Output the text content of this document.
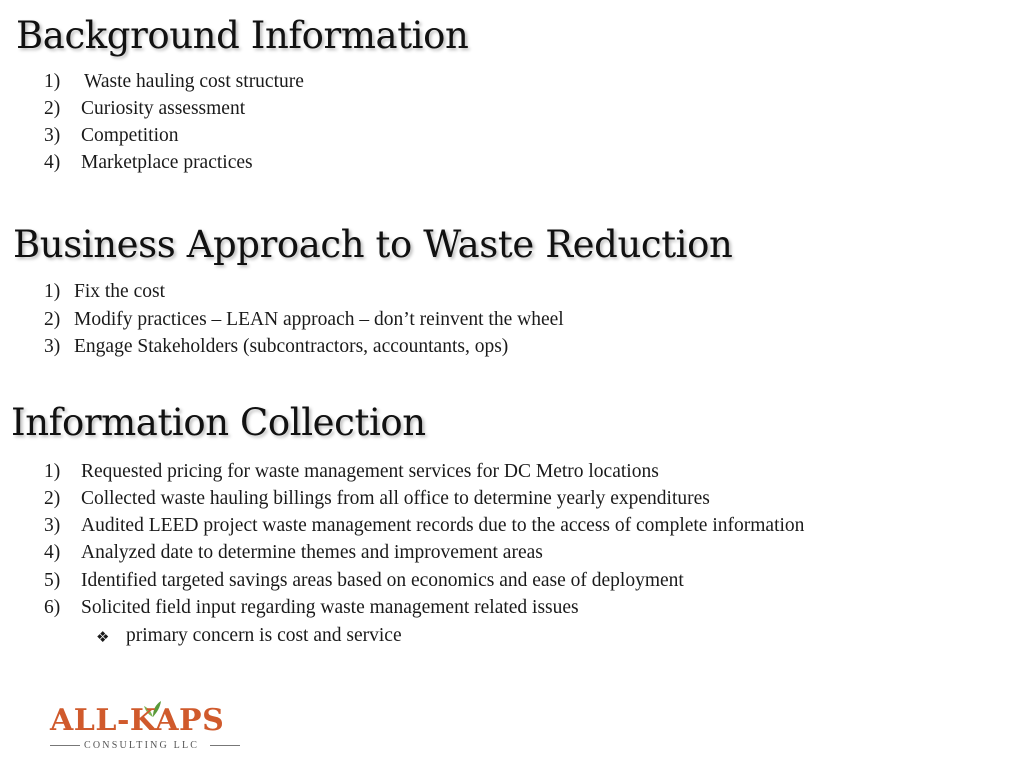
Background Information
1) Waste hauling cost structure
2) Curiosity assessment
3) Competition
4) Marketplace practices
Business Approach to Waste Reduction
1) Fix the cost
2) Modify practices – LEAN approach – don’t reinvent the wheel
3) Engage Stakeholders (subcontractors, accountants, ops)
Information Collection
1) Requested pricing for waste management services for DC Metro locations
2) Collected waste hauling billings from all office to determine yearly expenditures
3) Audited LEED project waste management records due to the access of complete information
4) Analyzed date to determine themes and improvement areas
5) Identified targeted savings areas based on economics and ease of deployment
6) Solicited field input regarding waste management related issues
❖ primary concern is cost and service
ALL-KAPS
CONSULTING LLC
